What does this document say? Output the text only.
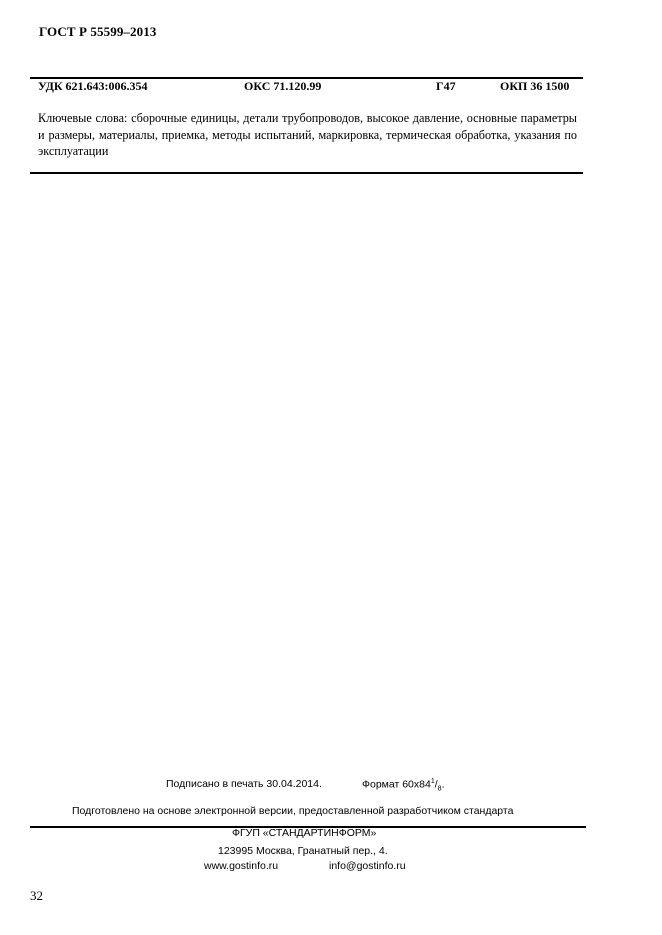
ГОСТ Р 55599–2013
УДК 621.643:006.354	ОКС 71.120.99	Г47	ОКП 36 1500
Ключевые слова: сборочные единицы, детали трубопроводов, высокое давление, основные параметры и размеры, материалы, приемка, методы испытаний, маркировка, термическая обработка, указания по эксплуатации
Подписано в печать 30.04.2014.	Формат $60x84^1/_8$.
Подготовлено на основе электронной версии, предоставленной разработчиком стандарта
ФГУП «СТАНДАРТИНФОРМ»
123995 Москва, Гранатный пер., 4.
www.gostinfo.ru	info@gostinfo.ru
32
